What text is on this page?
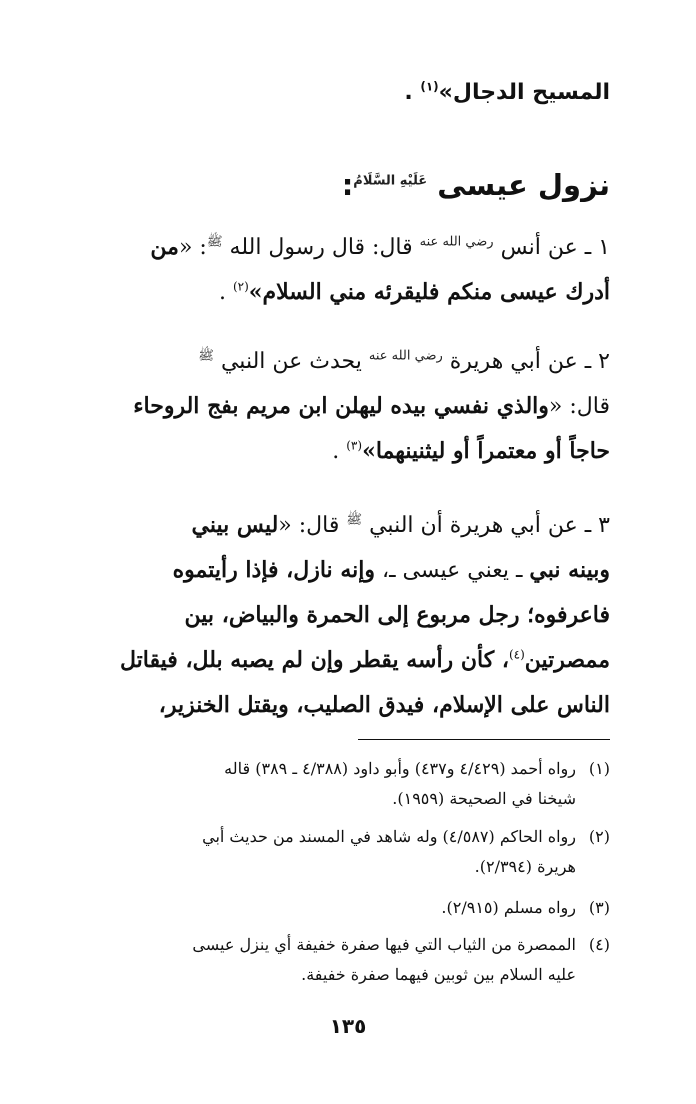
المسيح الدجال»$^{(١)}$ .
نزول عيسى $^{عَلَيْهِ السَّلَامُ}$:
١ ـ عن أنس $^{رضي الله عنه}$ قال: قال رسول الله $^ﷺ$: «من
أدرك عيسى منكم فليقرئه مني السلام»$^{(٢)}$ .
٢ ـ عن أبي هريرة $^{رضي الله عنه}$ يحدث عن النبي $^ﷺ$
قال: «والذي نفسي بيده ليهلن ابن مريم بفج الروحاء
حاجاً أو معتمراً أو ليثنينهما»$^{(٣)}$ .
٣ ـ عن أبي هريرة أن النبي $^ﷺ$ قال: «ليس بيني
وبينه نبي ـ يعني عيسى ـ، وإنه نازل، فإذا رأيتموه
فاعرفوه؛ رجل مربوع إلى الحمرة والبياض، بين
ممصرتين$^{(٤)}$، كأن رأسه يقطر وإن لم يصبه بلل، فيقاتل
الناس على الإسلام، فيدق الصليب، ويقتل الخنزير،
(١)
رواه أحمد (٤/٤٢٩ و٤٣٧) وأبو داود (٤/٣٨٨ ـ ٣٨٩) قاله
شيخنا في الصحيحة (١٩٥٩).
(٢)
رواه الحاكم (٤/٥٨٧) وله شاهد في المسند من حديث أبي
هريرة (٢/٣٩٤).
(٣)
رواه مسلم (٢/٩١٥).
(٤)
الممصرة من الثياب التي فيها صفرة خفيفة أي ينزل عيسى
عليه السلام بين ثوبين فيهما صفرة خفيفة.
١٣٥
